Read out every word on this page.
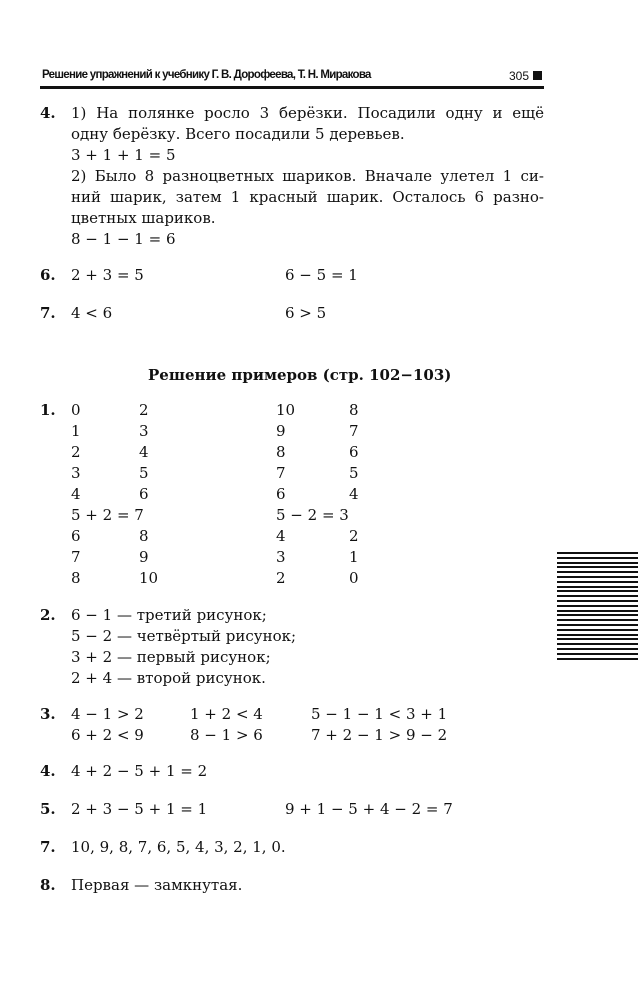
Решение упражнений к учебнику Г. В. Дорофеева, Т. Н. Миракова	305
4. 1) На полянке росло 3 берёзки. Посадили одну и ещё
одну берёзку. Всего посадили 5 деревьев.
3 + 1 + 1 = 5
2) Было 8 разноцветных шариков. Вначале улетел 1 си-
ний шарик, затем 1 красный шарик. Осталось 6 разно-
цветных шариков.
8 − 1 − 1 = 6
6. 2 + 3 = 5	6 − 5 = 1
7. 4 < 6	6 > 5
Решение примеров (стр. 102−103)
1. 0	2	10	8
1	3	9	7
2	4	8	6
3	5	7	5
4	6	6	4
5 + 2 = 7	5 − 2 = 3
6	8	4	2
7	9	3	1
8	10	2	0
2. 6 − 1 — третий рисунок;
5 − 2 — четвёртый рисунок;
3 + 2 — первый рисунок;
2 + 4 — второй рисунок.
3. 4 − 1 > 2	1 + 2 < 4	5 − 1 − 1 < 3 + 1
6 + 2 < 9	8 − 1 > 6	7 + 2 − 1 > 9 − 2
4. 4 + 2 − 5 + 1 = 2
5. 2 + 3 − 5 + 1 = 1	9 + 1 − 5 + 4 − 2 = 7
7. 10, 9, 8, 7, 6, 5, 4, 3, 2, 1, 0.
8. Первая — замкнутая.
